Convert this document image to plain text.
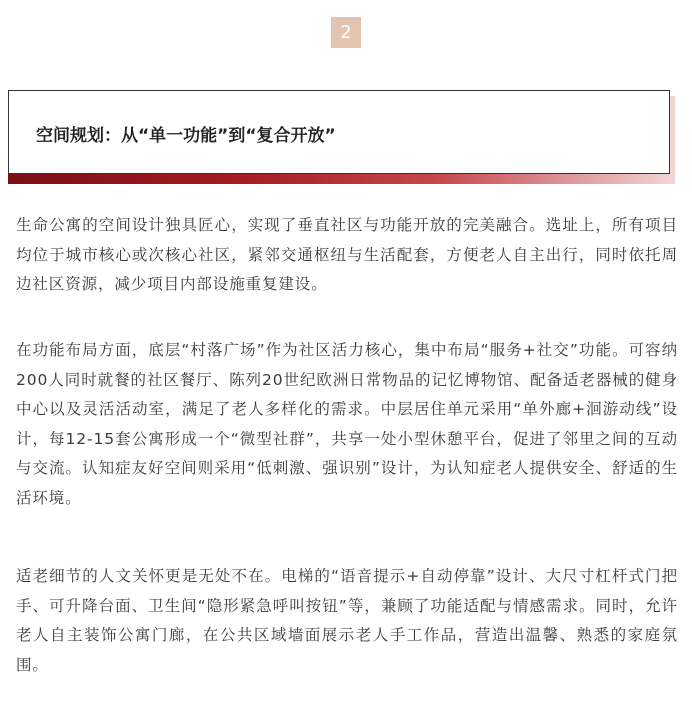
2
空间规划：从“单一功能”到“复合开放”

生命公寓的空间设计独具匠心，实现了垂直社区与功能开放的完美融合。选址上，所有项目均位于城市核心或次核心社区，紧邻交通枢纽与生活配套，方便老人自主出行，同时依托周边社区资源，减少项目内部设施重复建设。

在功能布局方面，底层“村落广场”作为社区活力核心，集中布局“服务+社交”功能。可容纳200人同时就餐的社区餐厅、陈列20世纪欧洲日常物品的记忆博物馆、配备适老器械的健身中心以及灵活活动室，满足了老人多样化的需求。中层居住单元采用“单外廊+洄游动线”设计，每12-15套公寓形成一个“微型社群”，共享一处小型休憩平台，促进了邻里之间的互动与交流。认知症友好空间则采用“低刺激、强识别”设计，为认知症老人提供安全、舒适的生活环境。

适老细节的人文关怀更是无处不在。电梯的“语音提示+自动停靠”设计、大尺寸杠杆式门把手、可升降台面、卫生间“隐形紧急呼叫按钮”等，兼顾了功能适配与情感需求。同时，允许老人自主装饰公寓门廊，在公共区域墙面展示老人手工作品，营造出温馨、熟悉的家庭氛围。
